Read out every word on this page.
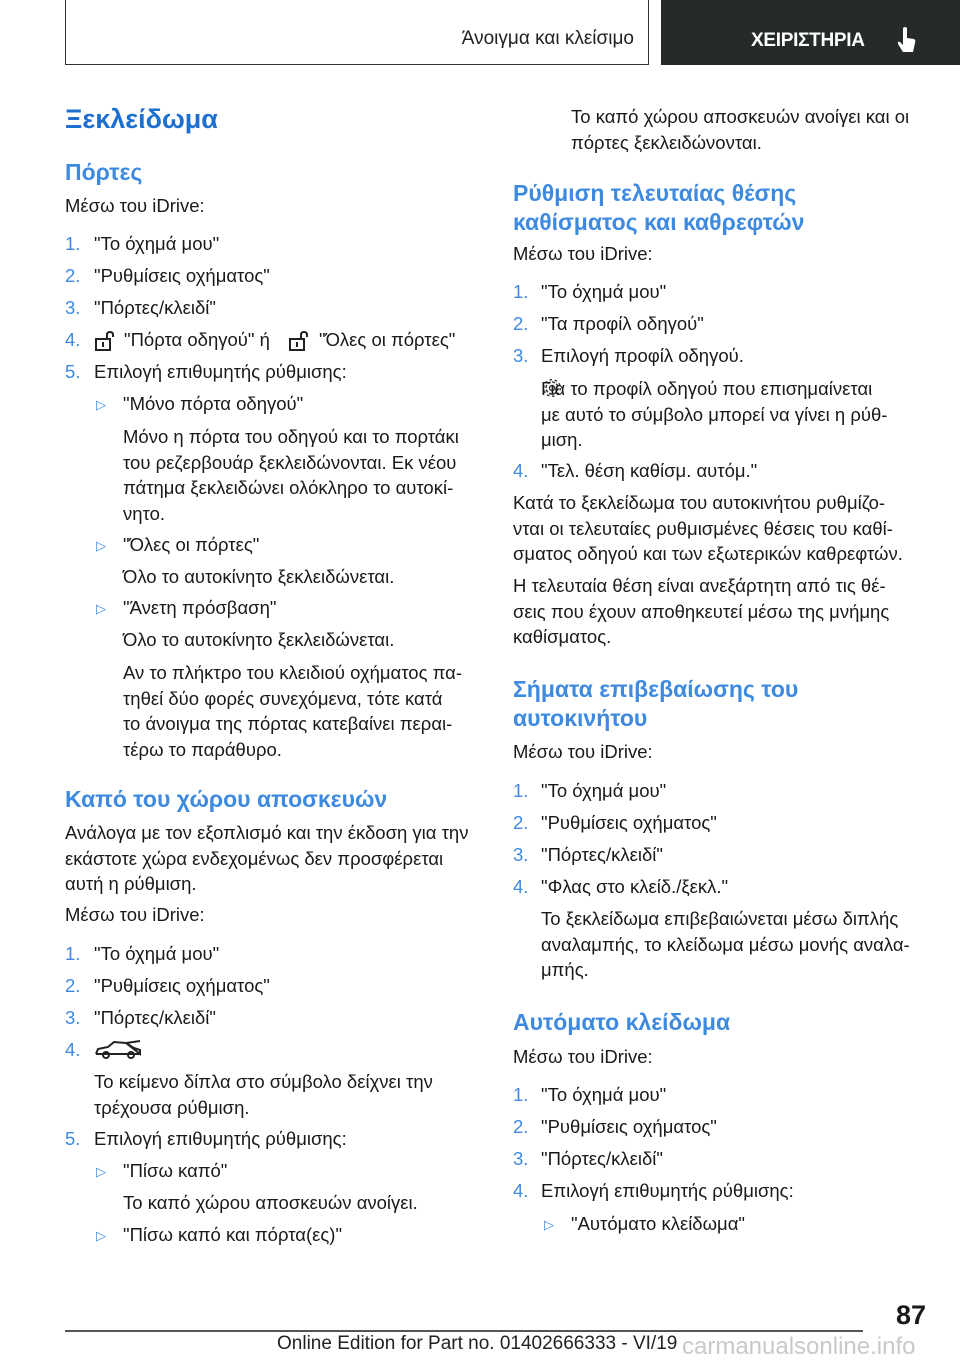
Άνοιγμα και κλείσιμο	ΧΕΙΡΙΣΤΗΡΙΑ
Ξεκλείδωμα
Πόρτες
Μέσω του iDrive:
1. "Το όχημά μου"
2. "Ρυθμίσεις οχήματος"
3. "Πόρτες/κλειδί"
4. "Πόρτα οδηγού" ή	"Όλες οι πόρτες"
5. Επιλογή επιθυμητής ρύθμισης:
▷ "Μόνο πόρτα οδηγού"
Μόνο η πόρτα του οδηγού και το πορτάκι
του ρεζερβουάρ ξεκλειδώνονται. Εκ νέου
πάτημα ξεκλειδώνει ολόκληρο το αυτοκί-
νητο.
▷ "Όλες οι πόρτες"
Όλο το αυτοκίνητο ξεκλειδώνεται.
▷ "Άνετη πρόσβαση"
Όλο το αυτοκίνητο ξεκλειδώνεται.
Αν το πλήκτρο του κλειδιού οχήματος πα-
τηθεί δύο φορές συνεχόμενα, τότε κατά
το άνοιγμα της πόρτας κατεβαίνει περαι-
τέρω το παράθυρο.
Καπό του χώρου αποσκευών
Ανάλογα με τον εξοπλισμό και την έκδοση για την
εκάστοτε χώρα ενδεχομένως δεν προσφέρεται
αυτή η ρύθμιση.
Μέσω του iDrive:
1. "Το όχημά μου"
2. "Ρυθμίσεις οχήματος"
3. "Πόρτες/κλειδί"
4.
Το κείμενο δίπλα στο σύμβολο δείχνει την
τρέχουσα ρύθμιση.
5. Επιλογή επιθυμητής ρύθμισης:
▷ "Πίσω καπό"
Το καπό χώρου αποσκευών ανοίγει.
▷ "Πίσω καπό και πόρτα(ες)"
Το καπό χώρου αποσκευών ανοίγει και οι
πόρτες ξεκλειδώνονται.
Ρύθμιση τελευταίας θέσης
καθίσματος και καθρεφτών
Μέσω του iDrive:
1. "Το όχημά μου"
2. "Τα προφίλ οδηγού"
3. Επιλογή προφίλ οδηγού.
Για το προφίλ οδηγού που επισημαίνεται
με αυτό το σύμβολο μπορεί να γίνει η ρύθ-
μιση.
4. "Τελ. θέση καθίσμ. αυτόμ."
Κατά το ξεκλείδωμα του αυτοκινήτου ρυθμίζο-
νται οι τελευταίες ρυθμισμένες θέσεις του καθί-
σματος οδηγού και των εξωτερικών καθρεφτών.
Η τελευταία θέση είναι ανεξάρτητη από τις θέ-
σεις που έχουν αποθηκευτεί μέσω της μνήμης
καθίσματος.
Σήματα επιβεβαίωσης του
αυτοκινήτου
Μέσω του iDrive:
1. "Το όχημά μου"
2. "Ρυθμίσεις οχήματος"
3. "Πόρτες/κλειδί"
4. "Φλας στο κλείδ./ξεκλ."
Το ξεκλείδωμα επιβεβαιώνεται μέσω διπλής
αναλαμπής, το κλείδωμα μέσω μονής αναλα-
μπής.
Αυτόματο κλείδωμα
Μέσω του iDrive:
1. "Το όχημά μου"
2. "Ρυθμίσεις οχήματος"
3. "Πόρτες/κλειδί"
4. Επιλογή επιθυμητής ρύθμισης:
▷ "Αυτόματο κλείδωμα"
87
Online Edition for Part no. 01402666333 - VI/19 carmanualsonline.info
